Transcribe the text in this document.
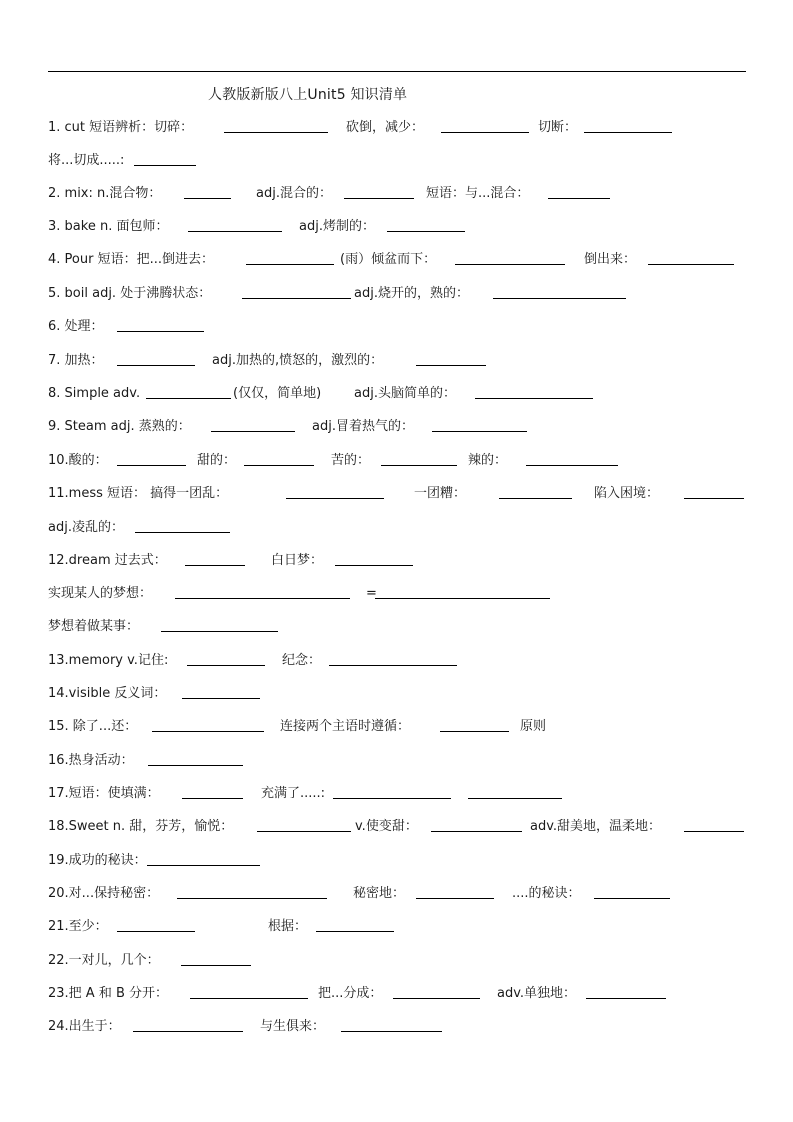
人教版新版八上Unit5 知识清单
1. cut 短语辨析：切碎：	砍倒，减少：	切断：
将...切成.....:
2. mix: n.混合物：	adj.混合的：	短语：与...混合：
3. bake n. 面包师：	adj.烤制的：
4. Pour 短语：把...倒进去：	(雨）倾盆而下：	倒出来：
5. boil adj. 处于沸腾状态：	adj.烧开的，熟的：
6. 处理：
7. 加热：	adj.加热的,愤怒的，激烈的：
8. Simple adv.	(仅仅，简单地)	adj.头脑简单的：
9. Steam adj. 蒸熟的：	adj.冒着热气的：
10.酸的：	甜的：	苦的：	辣的：
11.mess 短语： 搞得一团乱：	一团糟：	陷入困境：
adj.凌乱的：
12.dream 过去式：	白日梦：
实现某人的梦想：	=
梦想着做某事：
13.memory v.记住:	纪念：
14.visible 反义词：
15. 除了...还：	连接两个主语时遵循：	原则
16.热身活动：
17.短语：使填满：	充满了.....:
18.Sweet n. 甜，芬芳，愉悦：	v.使变甜：	adv.甜美地，温柔地：
19.成功的秘诀：
20.对...保持秘密：	秘密地：	....的秘诀：
21.至少：	根据：
22.一对儿，几个：
23.把 A 和 B 分开：	把...分成：	adv.单独地：
24.出生于：	与生俱来：
